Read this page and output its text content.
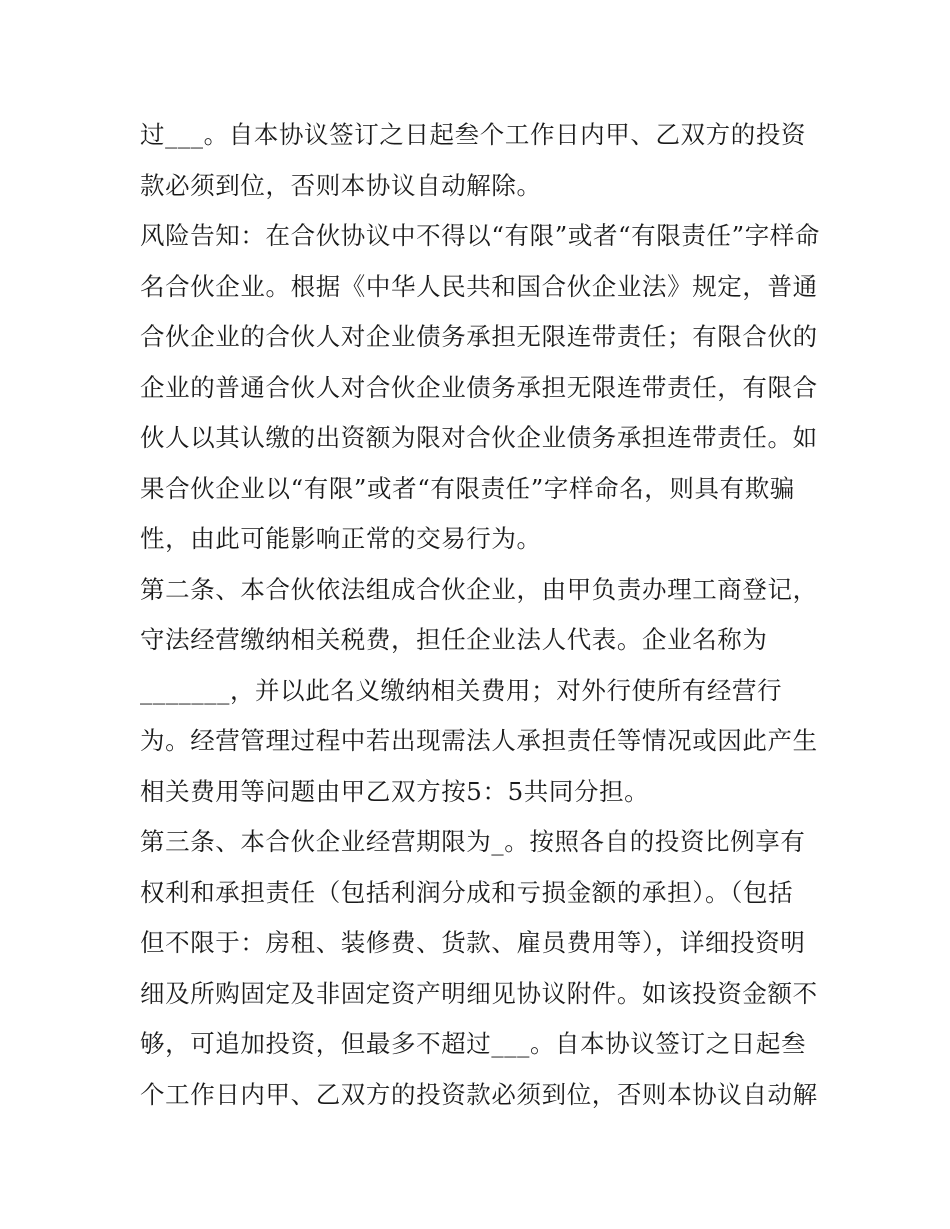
过___。自本协议签订之日起叁个工作日内甲、乙双方的投资
款必须到位，否则本协议自动解除。
风险告知：在合伙协议中不得以“有限”或者“有限责任”字样命
名合伙企业。根据《中华人民共和国合伙企业法》规定，普通
合伙企业的合伙人对企业债务承担无限连带责任；有限合伙的
企业的普通合伙人对合伙企业债务承担无限连带责任，有限合
伙人以其认缴的出资额为限对合伙企业债务承担连带责任。如
果合伙企业以“有限”或者“有限责任”字样命名，则具有欺骗
性，由此可能影响正常的交易行为。
第二条、本合伙依法组成合伙企业，由甲负责办理工商登记，
守法经营缴纳相关税费，担任企业法人代表。企业名称为
_______，并以此名义缴纳相关费用；对外行使所有经营行
为。经营管理过程中若出现需法人承担责任等情况或因此产生
相关费用等问题由甲乙双方按5：5共同分担。
第三条、本合伙企业经营期限为_。按照各自的投资比例享有
权利和承担责任（包括利润分成和亏损金额的承担）。（包括
但不限于：房租、装修费、货款、雇员费用等），详细投资明
细及所购固定及非固定资产明细见协议附件。如该投资金额不
够，可追加投资，但最多不超过___。自本协议签订之日起叁
个工作日内甲、乙双方的投资款必须到位，否则本协议自动解
